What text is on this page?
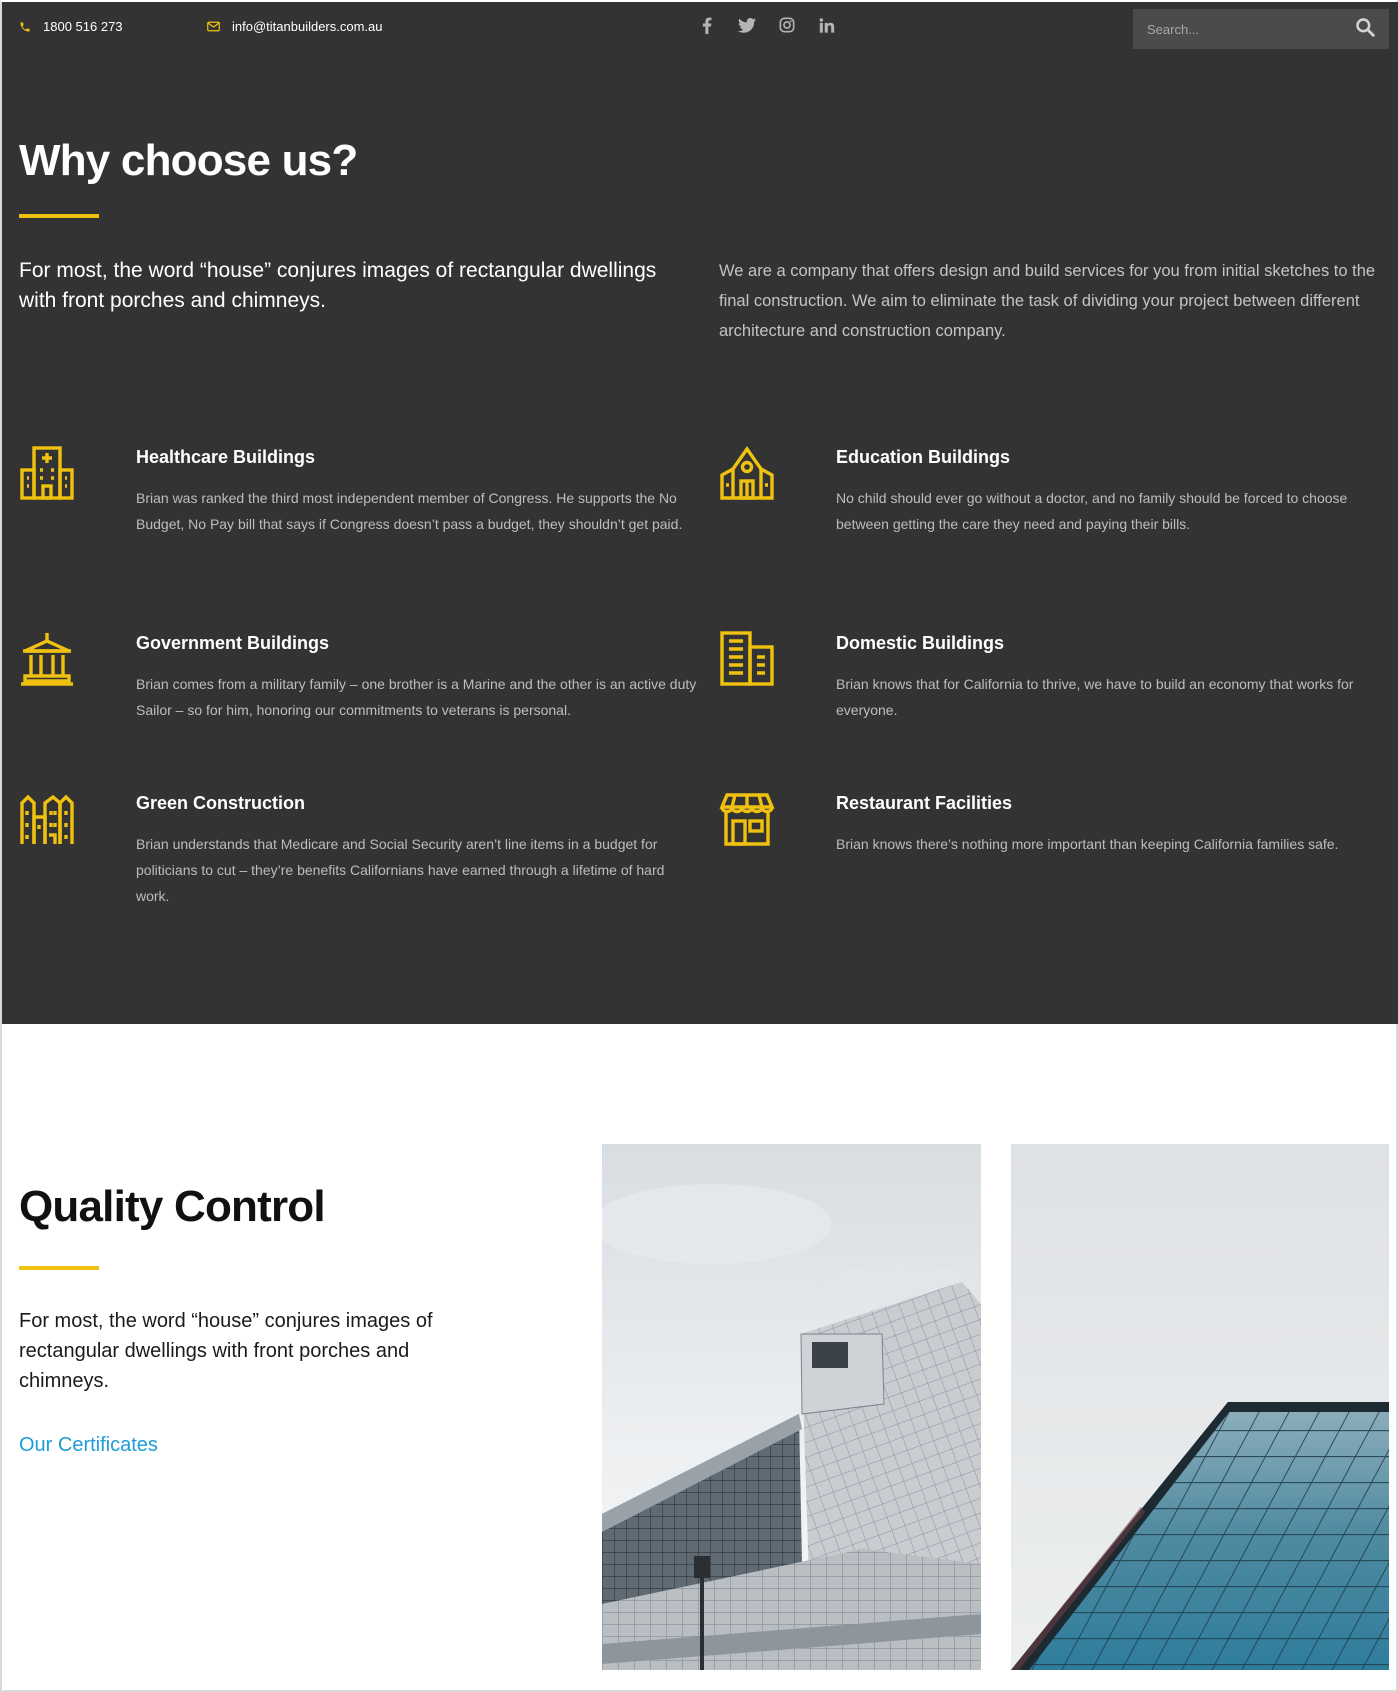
1800 516 273	info@titanbuilders.com.au
Search...
Why choose us?

For most, the word “house” conjures images of rectangular dwellings with front porches and chimneys.

We are a company that offers design and build services for you from initial sketches to the final construction. We aim to eliminate the task of dividing your project between different architecture and construction company.

Healthcare Buildings
Brian was ranked the third most independent member of Congress. He supports the No Budget, No Pay bill that says if Congress doesn’t pass a budget, they shouldn’t get paid.
Education Buildings
No child should ever go without a doctor, and no family should be forced to choose between getting the care they need and paying their bills.
Government Buildings
Brian comes from a military family – one brother is a Marine and the other is an active duty Sailor – so for him, honoring our commitments to veterans is personal.
Domestic Buildings
Brian knows that for California to thrive, we have to build an economy that works for everyone.
Green Construction
Brian understands that Medicare and Social Security aren’t line items in a budget for politicians to cut – they’re benefits Californians have earned through a lifetime of hard work.
Restaurant Facilities
Brian knows there’s nothing more important than keeping California families safe.
Quality Control

For most, the word “house” conjures images of rectangular dwellings with front porches and chimneys.

Our Certificates
